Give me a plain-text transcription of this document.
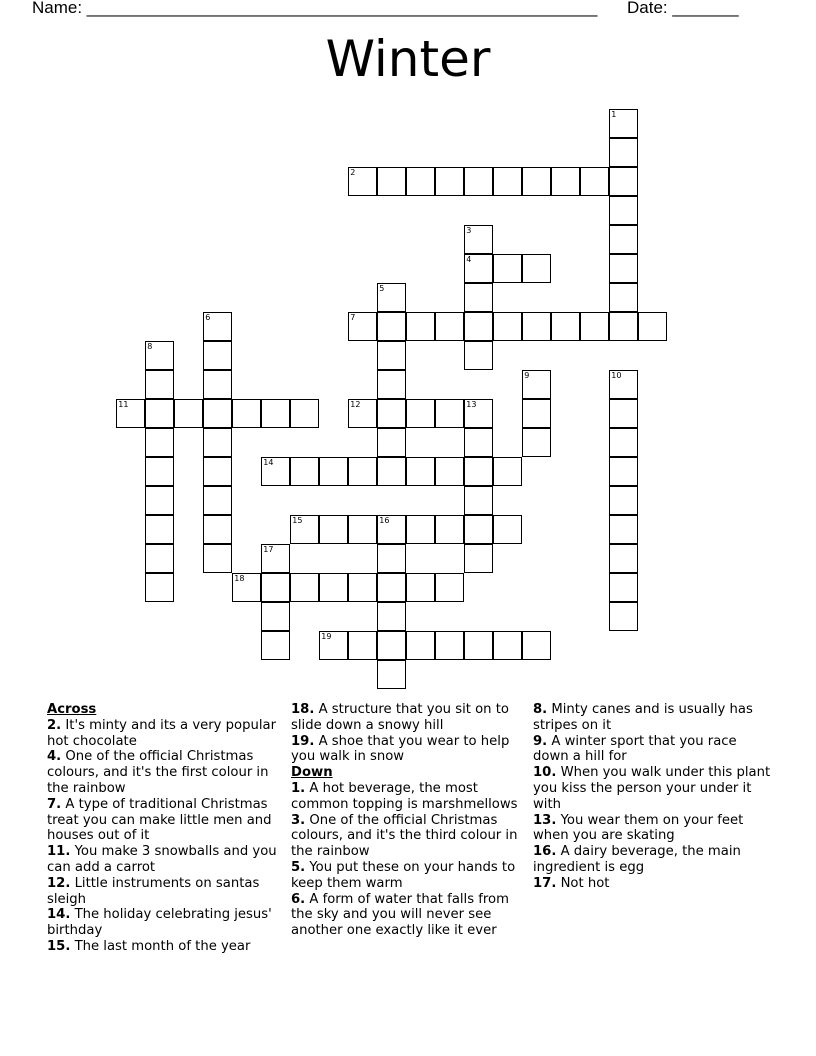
Name: ______________________________________________________ Date: _______
Winter
1
2
3
4
5
6	7
8
9	10
11	12	13
14
15	16
17
18
19
Across
2. It's minty and its a very popular hot chocolate
4. One of the official Christmas colours, and it's the first colour in the rainbow
7. A type of traditional Christmas treat you can make little men and houses out of it
11. You make 3 snowballs and you can add a carrot
12. Little instruments on santas sleigh
14. The holiday celebrating jesus' birthday
15. The last month of the year
18. A structure that you sit on to slide down a snowy hill
19. A shoe that you wear to help you walk in snow
Down
1. A hot beverage, the most common topping is marshmellows
3. One of the official Christmas colours, and it's the third colour in the rainbow
5. You put these on your hands to keep them warm
6. A form of water that falls from the sky and you will never see another one exactly like it ever
8. Minty canes and is usually has stripes on it
9. A winter sport that you race down a hill for
10. When you walk under this plant you kiss the person your under it with
13. You wear them on your feet when you are skating
16. A dairy beverage, the main ingredient is egg
17. Not hot
